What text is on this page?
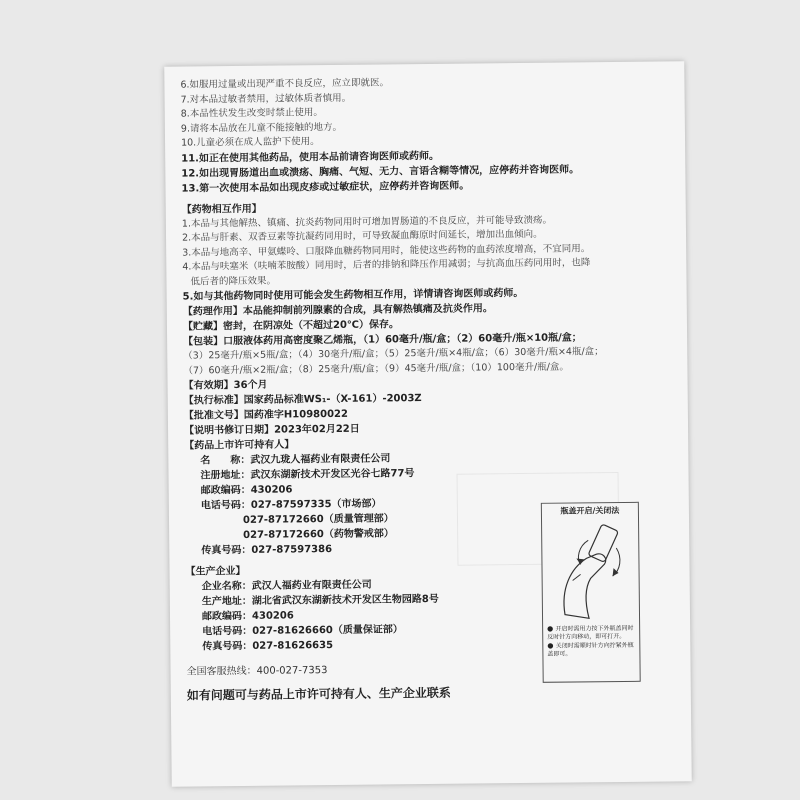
6.如服用过量或出现严重不良反应，应立即就医。
7.对本品过敏者禁用，过敏体质者慎用。
8.本品性状发生改变时禁止使用。
9.请将本品放在儿童不能接触的地方。
10.儿童必须在成人监护下使用。
11.如正在使用其他药品，使用本品前请咨询医师或药师。
12.如出现胃肠道出血或溃疡、胸痛、气短、无力、言语含糊等情况，应停药并咨询医师。
13.第一次使用本品如出现皮疹或过敏症状，应停药并咨询医师。
【药物相互作用】
1.本品与其他解热、镇痛、抗炎药物同用时可增加胃肠道的不良反应，并可能导致溃疡。
2.本品与肝素、双香豆素等抗凝药同用时，可导致凝血酶原时间延长，增加出血倾向。
3.本品与地高辛、甲氨蝶呤、口服降血糖药物同用时，能使这些药物的血药浓度增高，不宜同用。
4.本品与呋塞米（呋喃苯胺酸）同用时，后者的排钠和降压作用减弱；与抗高血压药同用时，也降
低后者的降压效果。
5.如与其他药物同时使用可能会发生药物相互作用，详情请咨询医师或药师。
【药理作用】本品能抑制前列腺素的合成，具有解热镇痛及抗炎作用。
【贮藏】密封，在阴凉处（不超过20℃）保存。
【包装】口服液体药用高密度聚乙烯瓶，（1）60毫升/瓶/盒；（2）60毫升/瓶×10瓶/盒；
（3）25毫升/瓶×5瓶/盒；（4）30毫升/瓶/盒；（5）25毫升/瓶×4瓶/盒；（6）30毫升/瓶×4瓶/盒；
（7）60毫升/瓶×2瓶/盒；（8）25毫升/瓶/盒；（9）45毫升/瓶/盒；（10）100毫升/瓶/盒。
【有效期】36个月
【执行标准】国家药品标准WS₁-（X-161）-2003Z
【批准文号】国药准字H10980022
【说明书修订日期】2023年02月22日
【药品上市许可持有人】
名　　称：武汉九珑人福药业有限责任公司
注册地址：武汉东湖新技术开发区光谷七路77号
邮政编码：430206
电话号码：027-87597335（市场部）
027-87172660（质量管理部）
027-87172660（药物警戒部）
传真号码：027-87597386
【生产企业】
企业名称：武汉人福药业有限责任公司
生产地址：湖北省武汉东湖新技术开发区生物园路8号
邮政编码：430206
电话号码：027-81626660（质量保证部）
传真号码：027-81626635
全国客服热线：400-027-7353
如有问题可与药品上市许可持有人、生产企业联系
瓶盖开启/关闭法
● 开启时需用力按下外瓶盖同时反时针方向移动，即可打开。
● 关闭时需顺时针方向拧紧外瓶盖即可。
